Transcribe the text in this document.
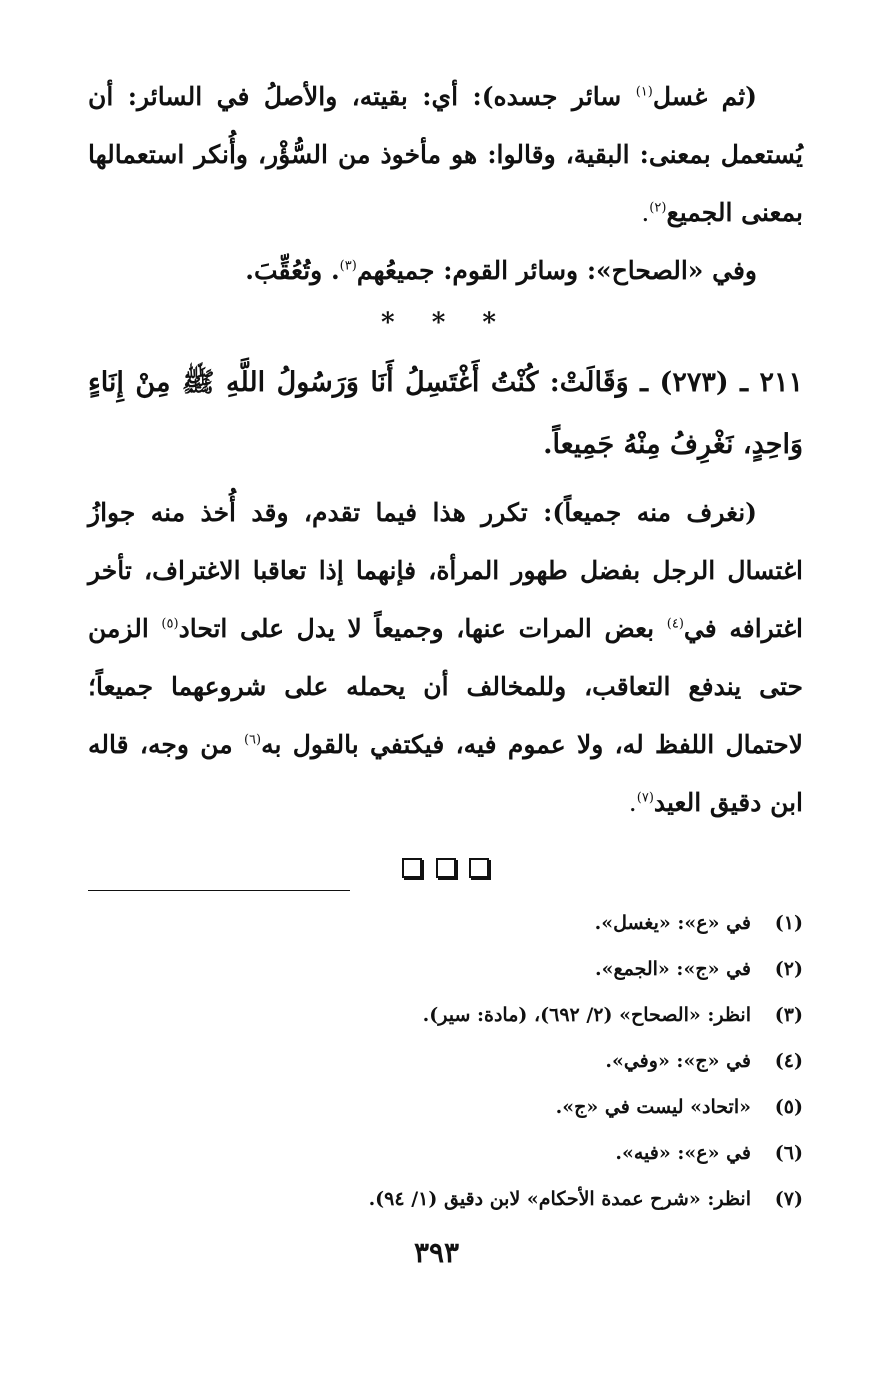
(ثم غسل$^{(١)}$ سائر جسده): أي: بقيته، والأصلُ في السائر: أن يُستعمل بمعنى: البقية، وقالوا: هو مأخوذ من السُّؤْر، وأُنكر استعمالها بمعنى الجميع$^{(٢)}$.

وفي «الصحاح»: وسائر القوم: جميعُهم$^{(٣)}$. وتُعُقِّبَ.

* * *

٢١١ ـ (٢٧٣) ـ وَقَالَتْ: كُنْتُ أَغْتَسِلُ أَنَا وَرَسُولُ اللَّهِ ﷺ مِنْ إِنَاءٍ وَاحِدٍ، نَغْرِفُ مِنْهُ جَمِيعاً.

(نغرف منه جميعاً): تكرر هذا فيما تقدم، وقد أُخذ منه جوازُ اغتسال الرجل بفضل طهور المرأة، فإنهما إذا تعاقبا الاغتراف، تأخر اغترافه في$^{(٤)}$ بعض المرات عنها، وجميعاً لا يدل على اتحاد$^{(٥)}$ الزمن حتى يندفع التعاقب، وللمخالف أن يحمله على شروعهما جميعاً؛ لاحتمال اللفظ له، ولا عموم فيه، فيكتفي بالقول به$^{(٦)}$ من وجه، قاله ابن دقيق العيد$^{(٧)}$.

(١)في «ع»: «يغسل».

(٢)في «ج»: «الجمع».

(٣)انظر: «الصحاح» (٢/ ٦٩٢)، (مادة: سير).

(٤)في «ج»: «وفي».

(٥)«اتحاد» ليست في «ج».

(٦)في «ع»: «فيه».

(٧)انظر: «شرح عمدة الأحكام» لابن دقيق (١/ ٩٤).

٣٩٣
